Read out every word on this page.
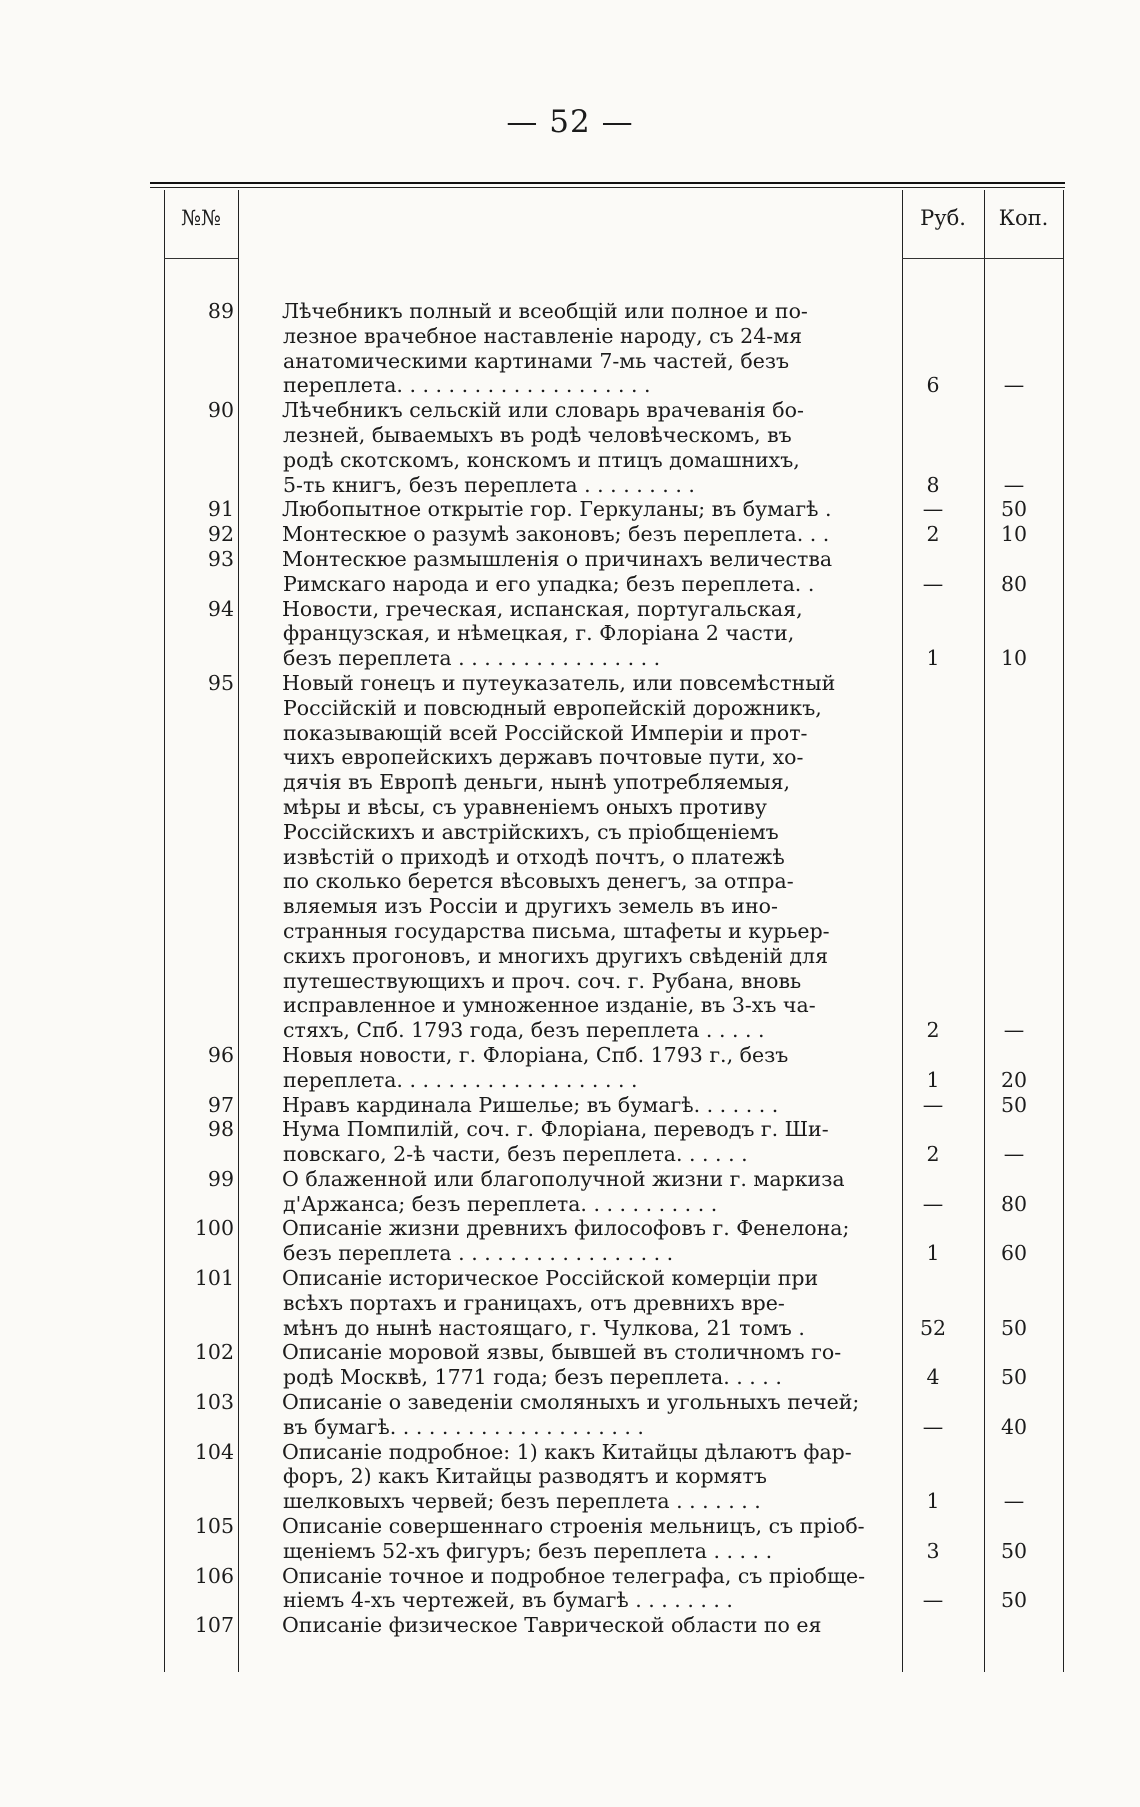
— 52 —
№№	Руб.	Коп.
89 Лѣчебникъ полный и всеобщій или полное и по-
лезное врачебное наставленіе народу, съ 24-мя
анатомическими картинами 7-мь частей, безъ
переплета. . . . . . . . . . . . . . . . . . . .	6	—
90 Лѣчебникъ сельскій или словарь врачеванія бо-
лезней, бываемыхъ въ родѣ человѣческомъ, въ
родѣ скотскомъ, конскомъ и птицъ домашнихъ,
5-ть книгъ, безъ переплета . . . . . . . . .	8	—
91 Любопытное открытіе гор. Геркуланы; въ бумагѣ .	—	50
92 Монтескюе о разумѣ законовъ; безъ переплета. . .	2	10
93 Монтескюе размышленія о причинахъ величества
Римскаго народа и его упадка; безъ переплета. .	—	80
94 Новости, греческая, испанская, португальская,
французская, и нѣмецкая, г. Флоріана 2 части,
безъ переплета . . . . . . . . . . . . . . . .	1	10
95 Новый гонецъ и путеуказатель, или повсемѣстный
Россійскій и повсюдный европейскій дорожникъ,
показывающій всей Россійской Имперіи и прот-
чихъ европейскихъ державъ почтовые пути, хо-
дячія въ Европѣ деньги, нынѣ употребляемыя,
мѣры и вѣсы, съ уравненіемъ оныхъ противу
Россійскихъ и австрійскихъ, съ пріобщеніемъ
извѣстій о приходѣ и отходѣ почтъ, о платежѣ
по сколько берется вѣсовыхъ денегъ, за отпра-
вляемыя изъ Россіи и другихъ земель въ ино-
странныя государства письма, штафеты и курьер-
скихъ прогоновъ, и многихъ другихъ свѣденій для
путешествующихъ и проч. соч. г. Рубана, вновь
исправленное и умноженное изданіе, въ 3-хъ ча-
стяхъ, Спб. 1793 года, безъ переплета . . . . .	2	—
96 Новыя новости, г. Флоріана, Спб. 1793 г., безъ
переплета. . . . . . . . . . . . . . . . . . .	1	20
97 Нравъ кардинала Ришелье; въ бумагѣ. . . . . . .	—	50
98 Нума Помпилій, соч. г. Флоріана, переводъ г. Ши-
повскаго, 2-ѣ части, безъ переплета. . . . . .	2	—
99 О блаженной или благополучной жизни г. маркиза
д'Аржанса; безъ переплета. . . . . . . . . . .	—	80
100 Описаніе жизни древнихъ философовъ г. Фенелона;
безъ переплета . . . . . . . . . . . . . . . . .	1	60
101 Описаніе историческое Россійской комерціи при
всѣхъ портахъ и границахъ, отъ древнихъ вре-
мѣнъ до нынѣ настоящаго, г. Чулкова, 21 томъ .	52	50
102 Описаніе моровой язвы, бывшей въ столичномъ го-
родѣ Москвѣ, 1771 года; безъ переплета. . . . .	4	50
103 Описаніе о заведеніи смоляныхъ и угольныхъ печей;
въ бумагѣ. . . . . . . . . . . . . . . . . . . .	—	40
104 Описаніе подробное: 1) какъ Китайцы дѣлаютъ фар-
форъ, 2) какъ Китайцы разводятъ и кормятъ
шелковыхъ червей; безъ переплета . . . . . . .	1	—
105 Описаніе совершеннаго строенія мельницъ, съ пріоб-
щеніемъ 52-хъ фигуръ; безъ переплета . . . . .	3	50
106 Описаніе точное и подробное телеграфа, съ пріобще-
ніемъ 4-хъ чертежей, въ бумагѣ . . . . . . . .	—	50
107 Описаніе физическое Таврической области по ея
